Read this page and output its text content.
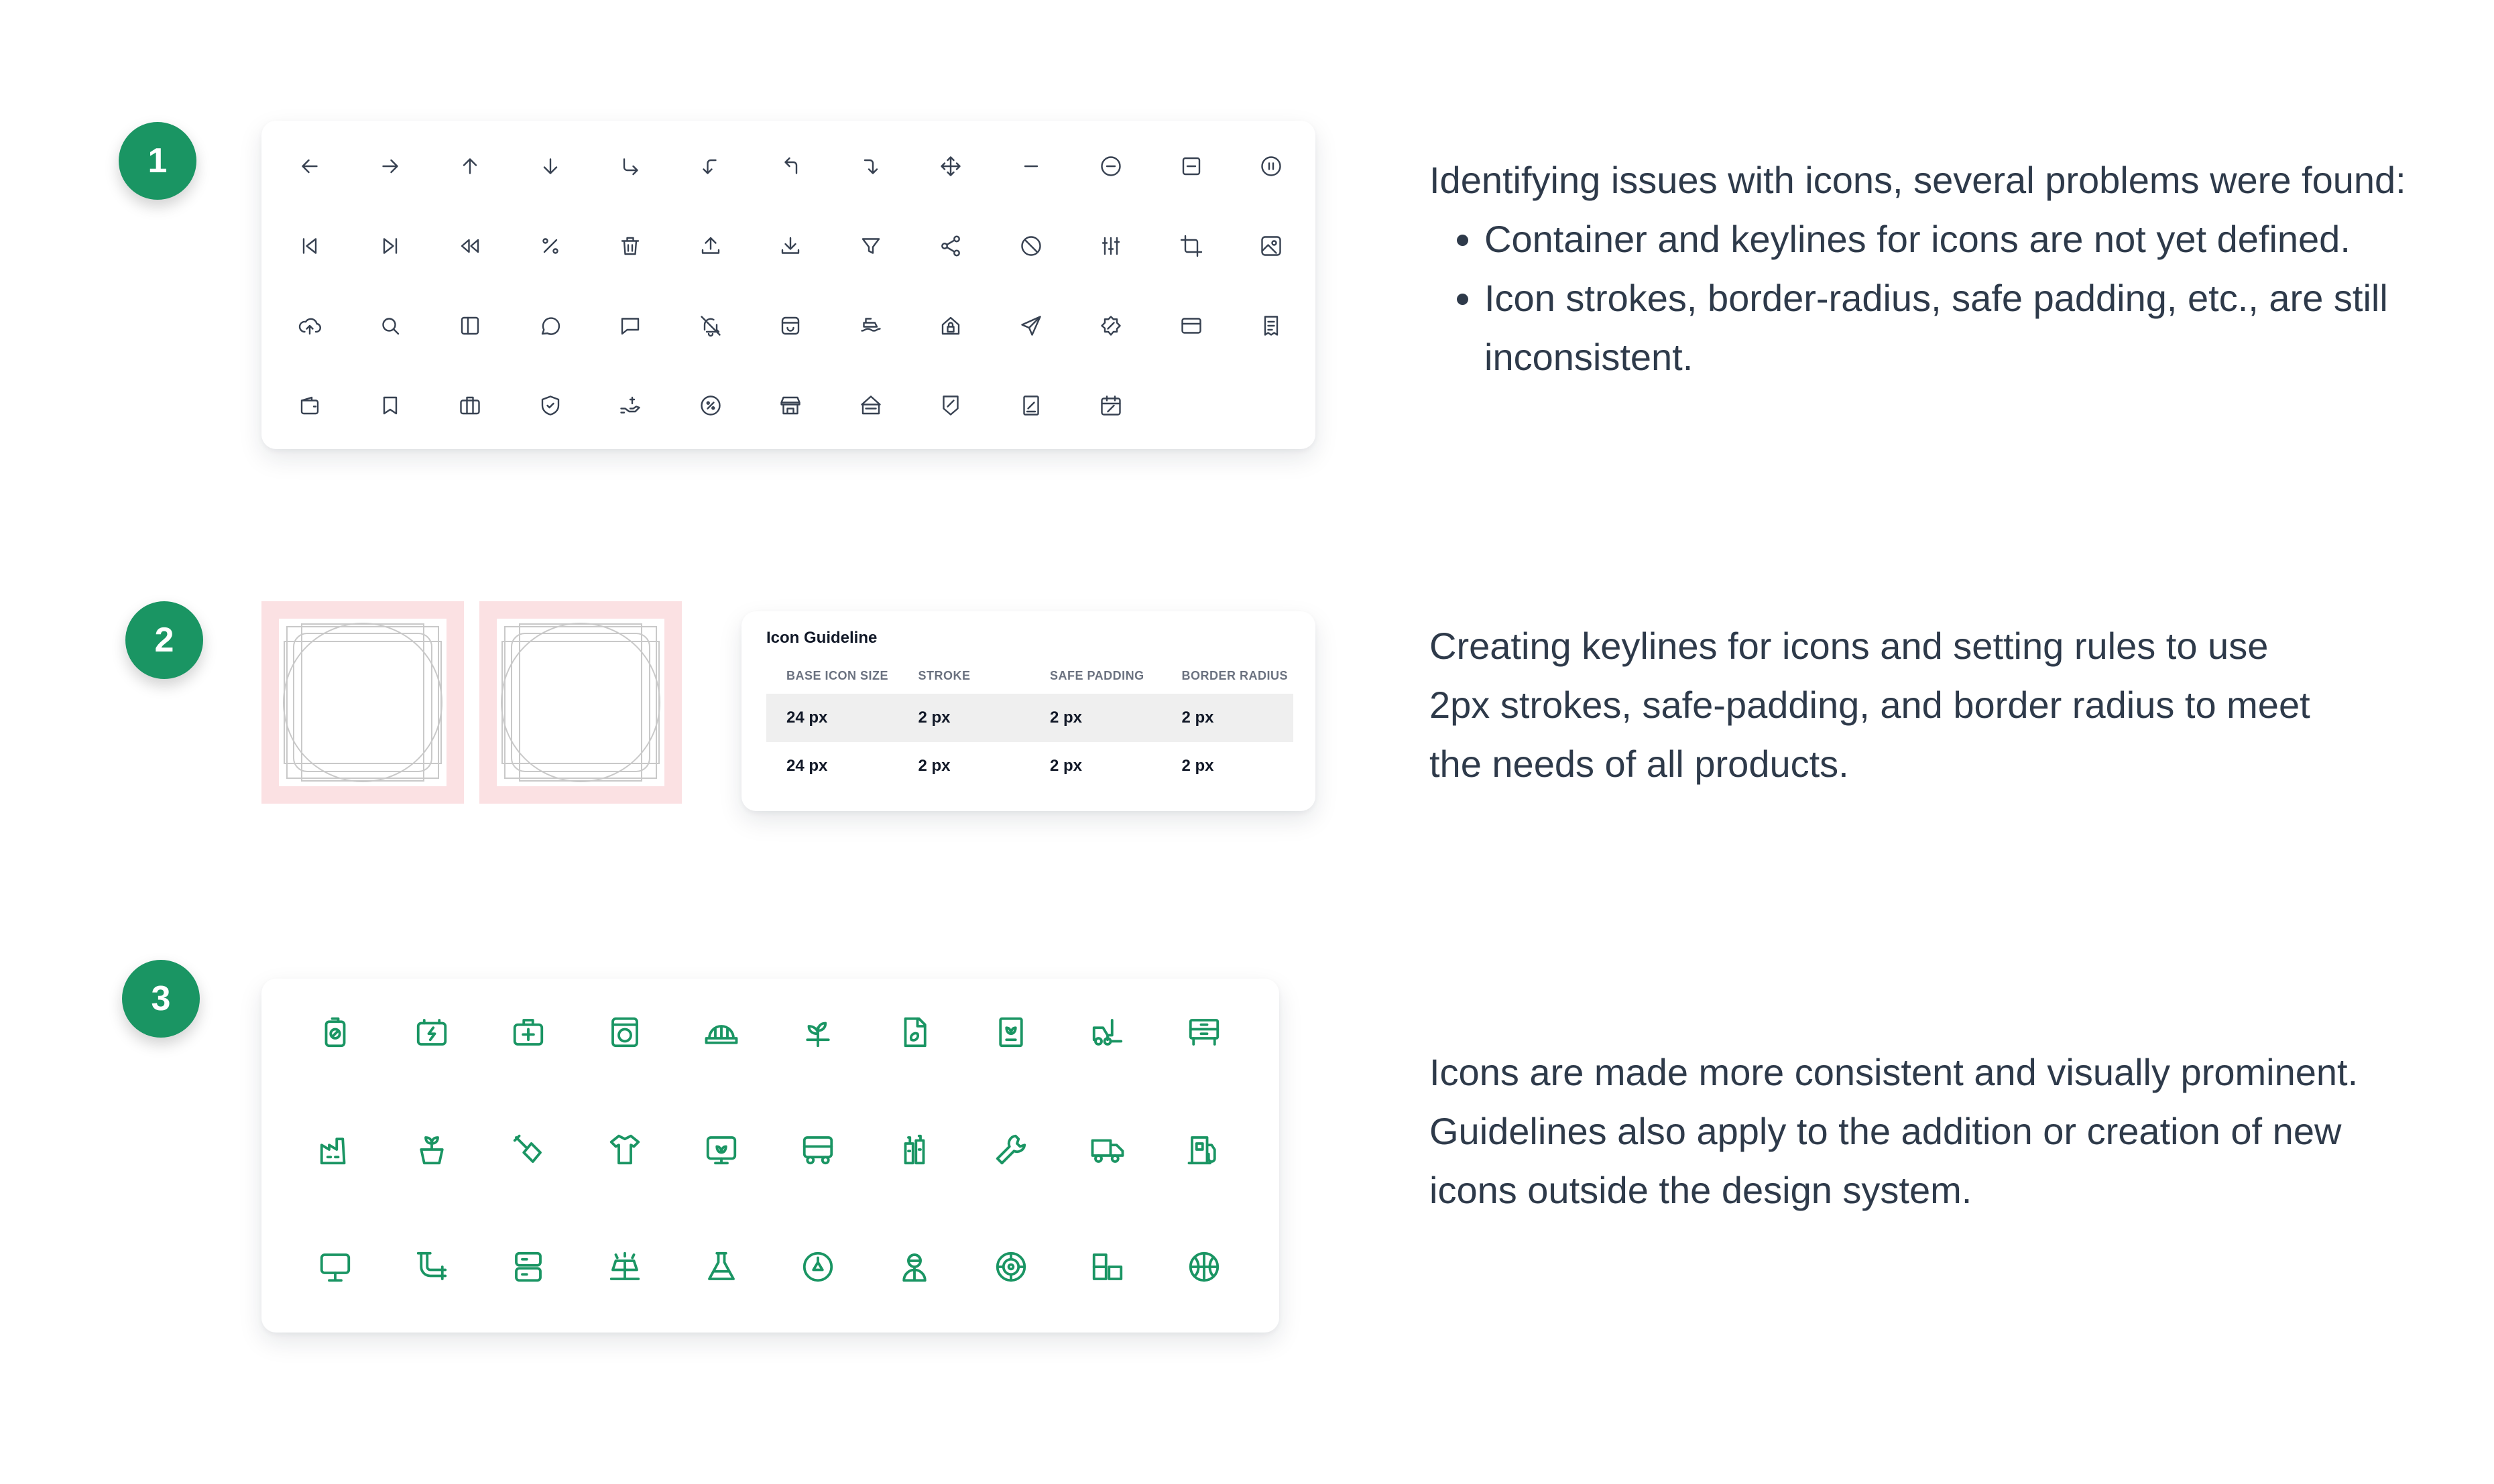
1	Identifying issues with icons, several problems were found:
• Container and keylines for icons are not yet defined.
• Icon strokes, border-radius, safe padding, etc., are still inconsistent.
2	Icon Guideline
BASE ICON SIZE	STROKE	SAFE PADDING	BORDER RADIUS
24 px	2 px	2 px	2 px
24 px	2 px	2 px	2 px
Creating keylines for icons and setting rules to use 2px strokes, safe-padding, and border radius to meet the needs of all products.
3
Icons are made more consistent and visually prominent. Guidelines also apply to the addition or creation of new icons outside the design system.
